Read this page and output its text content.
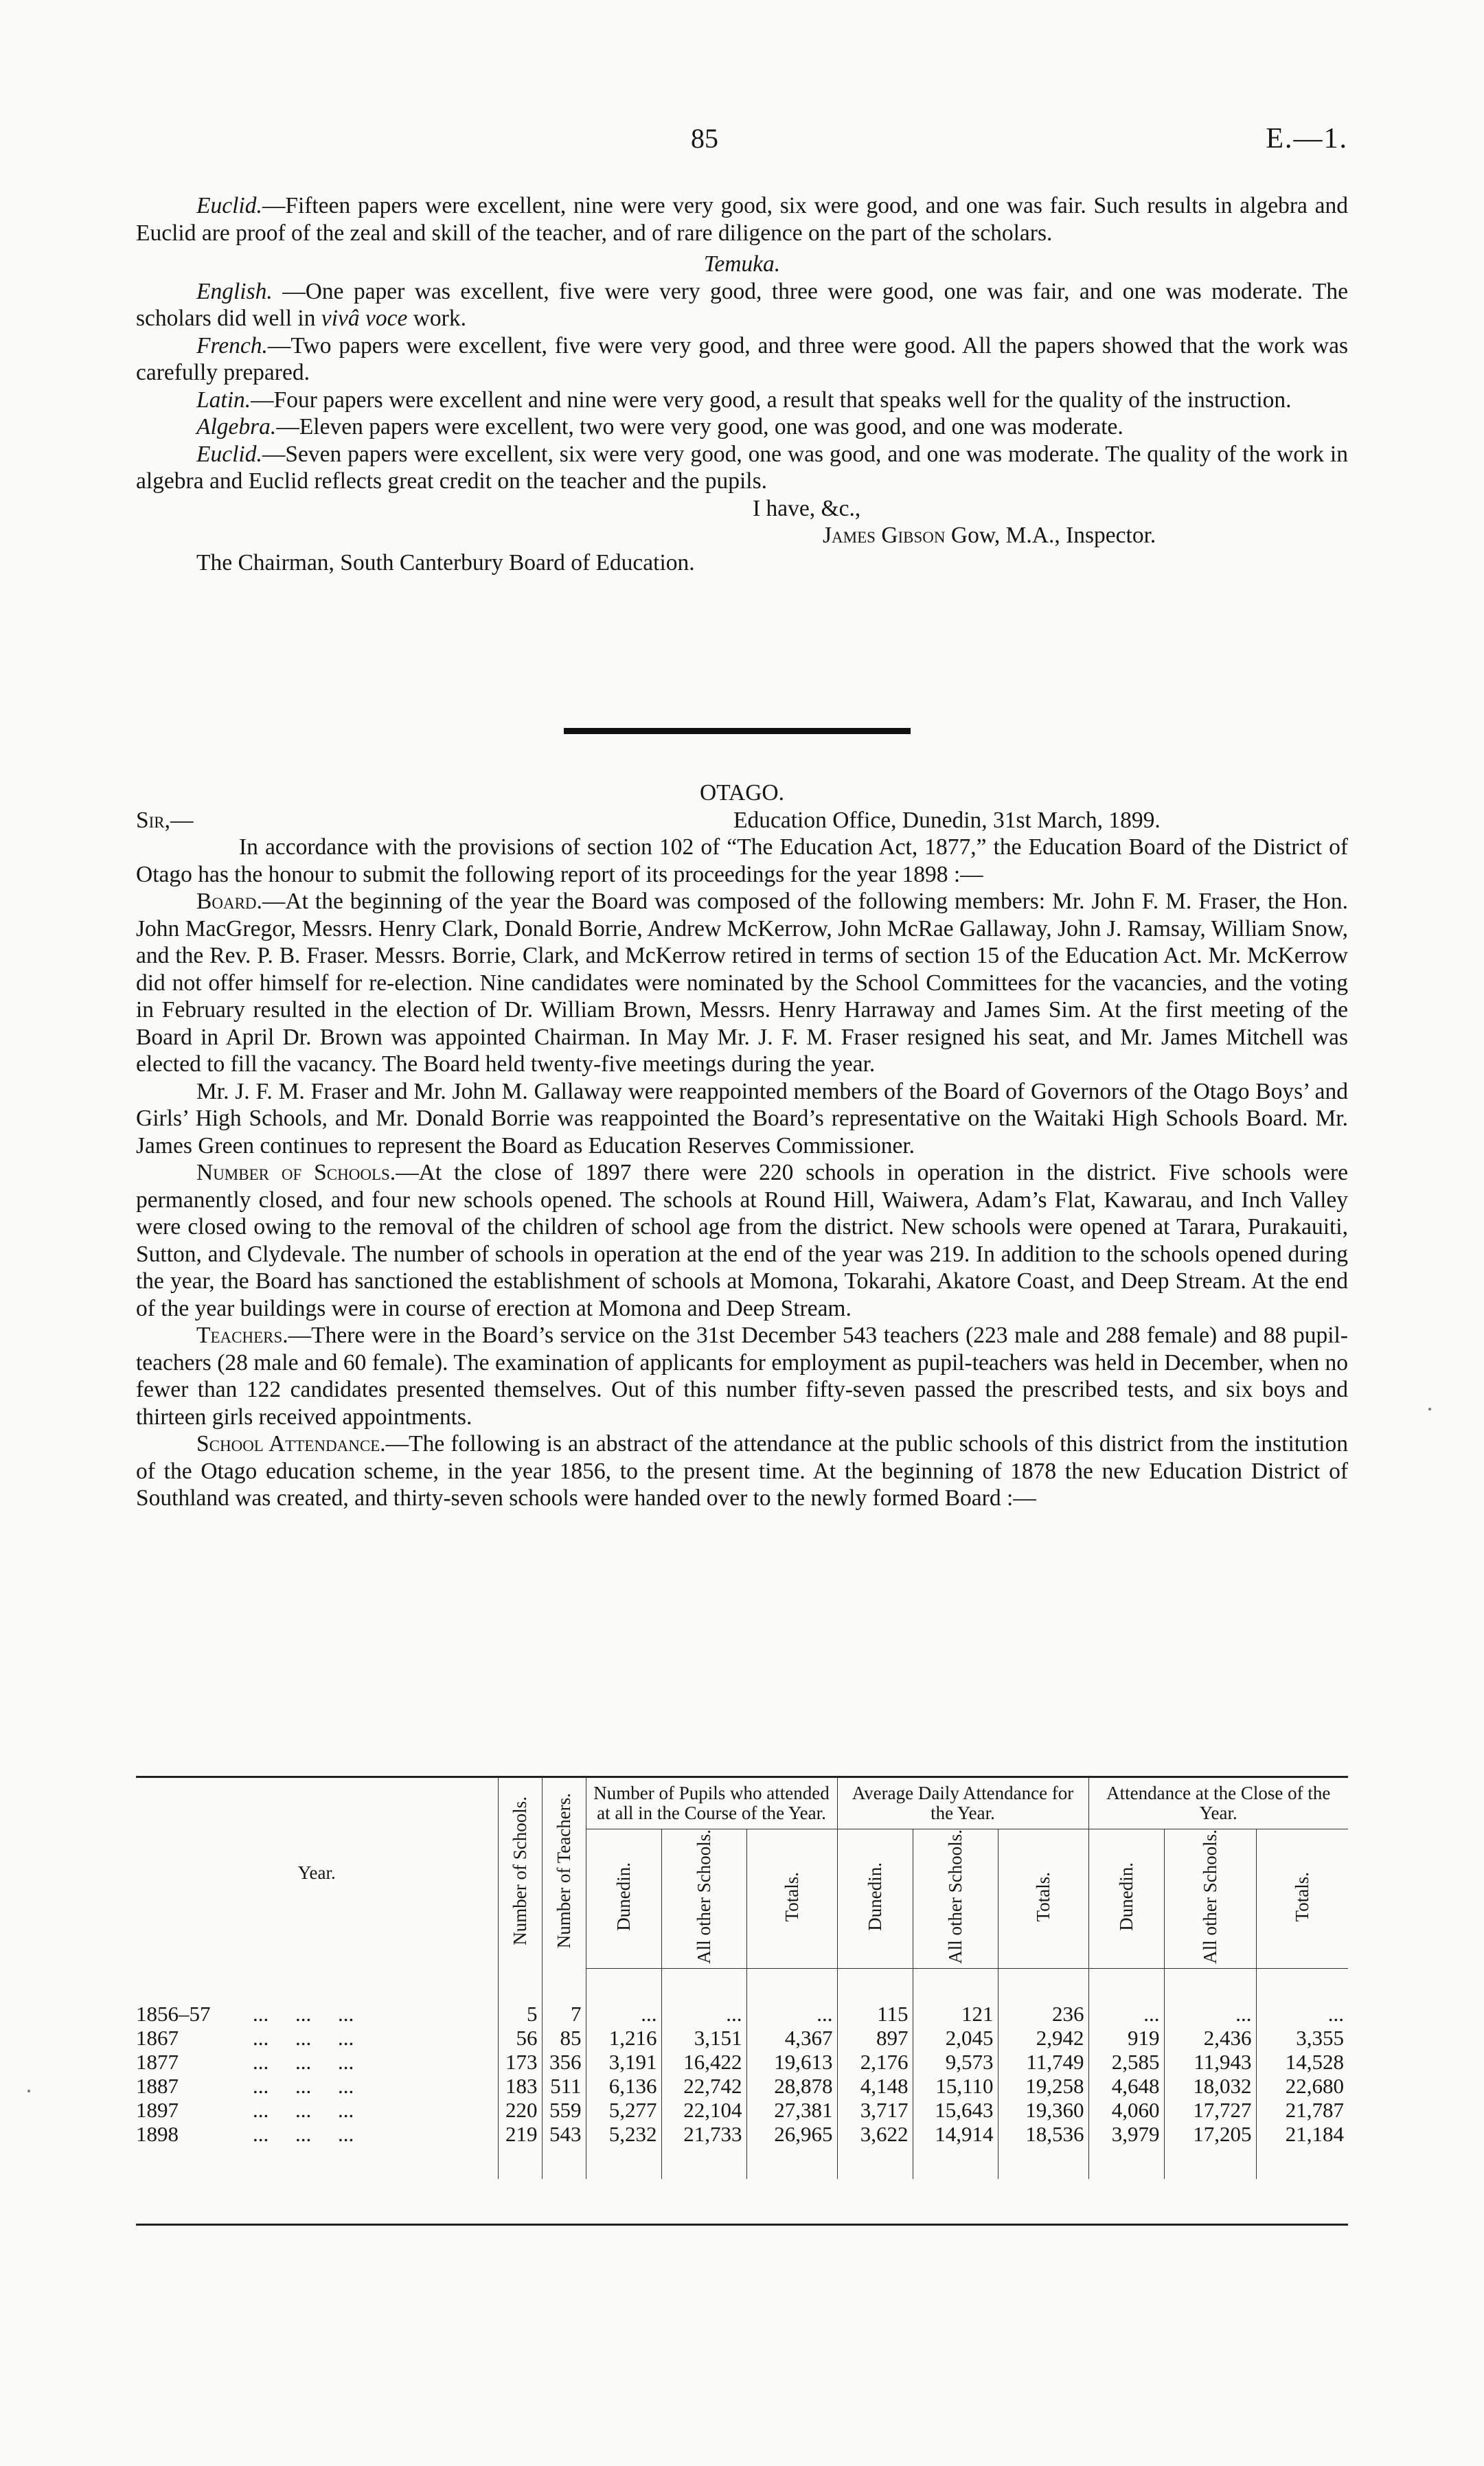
85	E.—1.

Euclid.—Fifteen papers were excellent, nine were very good, six were good, and one was fair. Such results in algebra and Euclid are proof of the zeal and skill of the teacher, and of rare diligence on the part of the scholars.

Temuka.

English. —One paper was excellent, five were very good, three were good, one was fair, and one was moderate. The scholars did well in vivâ voce work.

French.—Two papers were excellent, five were very good, and three were good. All the papers showed that the work was carefully prepared.

Latin.—Four papers were excellent and nine were very good, a result that speaks well for the quality of the instruction.

Algebra.—Eleven papers were excellent, two were very good, one was good, and one was moderate.

Euclid.—Seven papers were excellent, six were very good, one was good, and one was moderate. The quality of the work in algebra and Euclid reflects great credit on the teacher and the pupils.

I have, &c.,

James Gibson Gow, M.A., Inspector.

The Chairman, South Canterbury Board of Education.

OTAGO.

Sir,—	Education Office, Dunedin, 31st March, 1899.

In accordance with the provisions of section 102 of “The Education Act, 1877,” the Education Board of the District of Otago has the honour to submit the following report of its proceedings for the year 1898 :—

Board.—At the beginning of the year the Board was composed of the following members: Mr. John F. M. Fraser, the Hon. John MacGregor, Messrs. Henry Clark, Donald Borrie, Andrew McKerrow, John McRae Gallaway, John J. Ramsay, William Snow, and the Rev. P. B. Fraser. Messrs. Borrie, Clark, and McKerrow retired in terms of section 15 of the Education Act. Mr. McKerrow did not offer himself for re-election. Nine candidates were nominated by the School Committees for the vacancies, and the voting in February resulted in the election of Dr. William Brown, Messrs. Henry Harraway and James Sim. At the first meeting of the Board in April Dr. Brown was appointed Chairman. In May Mr. J. F. M. Fraser resigned his seat, and Mr. James Mitchell was elected to fill the vacancy. The Board held twenty-five meetings during the year.

Mr. J. F. M. Fraser and Mr. John M. Gallaway were reappointed members of the Board of Governors of the Otago Boys’ and Girls’ High Schools, and Mr. Donald Borrie was reappointed the Board’s representative on the Waitaki High Schools Board. Mr. James Green continues to represent the Board as Education Reserves Commissioner.

Number of Schools.—At the close of 1897 there were 220 schools in operation in the district. Five schools were permanently closed, and four new schools opened. The schools at Round Hill, Waiwera, Adam’s Flat, Kawarau, and Inch Valley were closed owing to the removal of the children of school age from the district. New schools were opened at Tarara, Purakauiti, Sutton, and Clydevale. The number of schools in operation at the end of the year was 219. In addition to the schools opened during the year, the Board has sanctioned the establishment of schools at Momona, Tokarahi, Akatore Coast, and Deep Stream. At the end of the year buildings were in course of erection at Momona and Deep Stream.

Teachers.—There were in the Board’s service on the 31st December 543 teachers (223 male and 288 female) and 88 pupil-teachers (28 male and 60 female). The examination of applicants for employment as pupil-teachers was held in December, when no fewer than 122 candidates presented themselves. Out of this number fifty-seven passed the prescribed tests, and six boys and thirteen girls received appointments.

School Attendance.—The following is an abstract of the attendance at the public schools of this district from the institution of the Otago education scheme, in the year 1856, to the present time. At the beginning of 1878 the new Education District of Southland was created, and thirty-seven schools were handed over to the newly formed Board :—

Year.	Number of Schools.	Number of Teachers.	Number of Pupils who attended at all in the Course of the Year.			Average Daily Attendance for the Year.			Attendance at the Close of the Year.		
			Dunedin.	All other Schools.	Totals.	Dunedin.	All other Schools.	Totals.	Dunedin.	All other Schools.	Totals.

1856–57 ...     ...     ...	5	7	...	...	...	115	121	236	...	...	...
1867 ...     ...     ...	56	85	1,216	3,151	4,367	897	2,045	2,942	919	2,436	3,355
1877 ...     ...     ...	173	356	3,191	16,422	19,613	2,176	9,573	11,749	2,585	11,943	14,528
1887 ...     ...     ...	183	511	6,136	22,742	28,878	4,148	15,110	19,258	4,648	18,032	22,680
1897 ...     ...     ...	220	559	5,277	22,104	27,381	3,717	15,643	19,360	4,060	17,727	21,787
1898 ...     ...     ...	219	543	5,232	21,733	26,965	3,622	14,914	18,536	3,979	17,205	21,184
